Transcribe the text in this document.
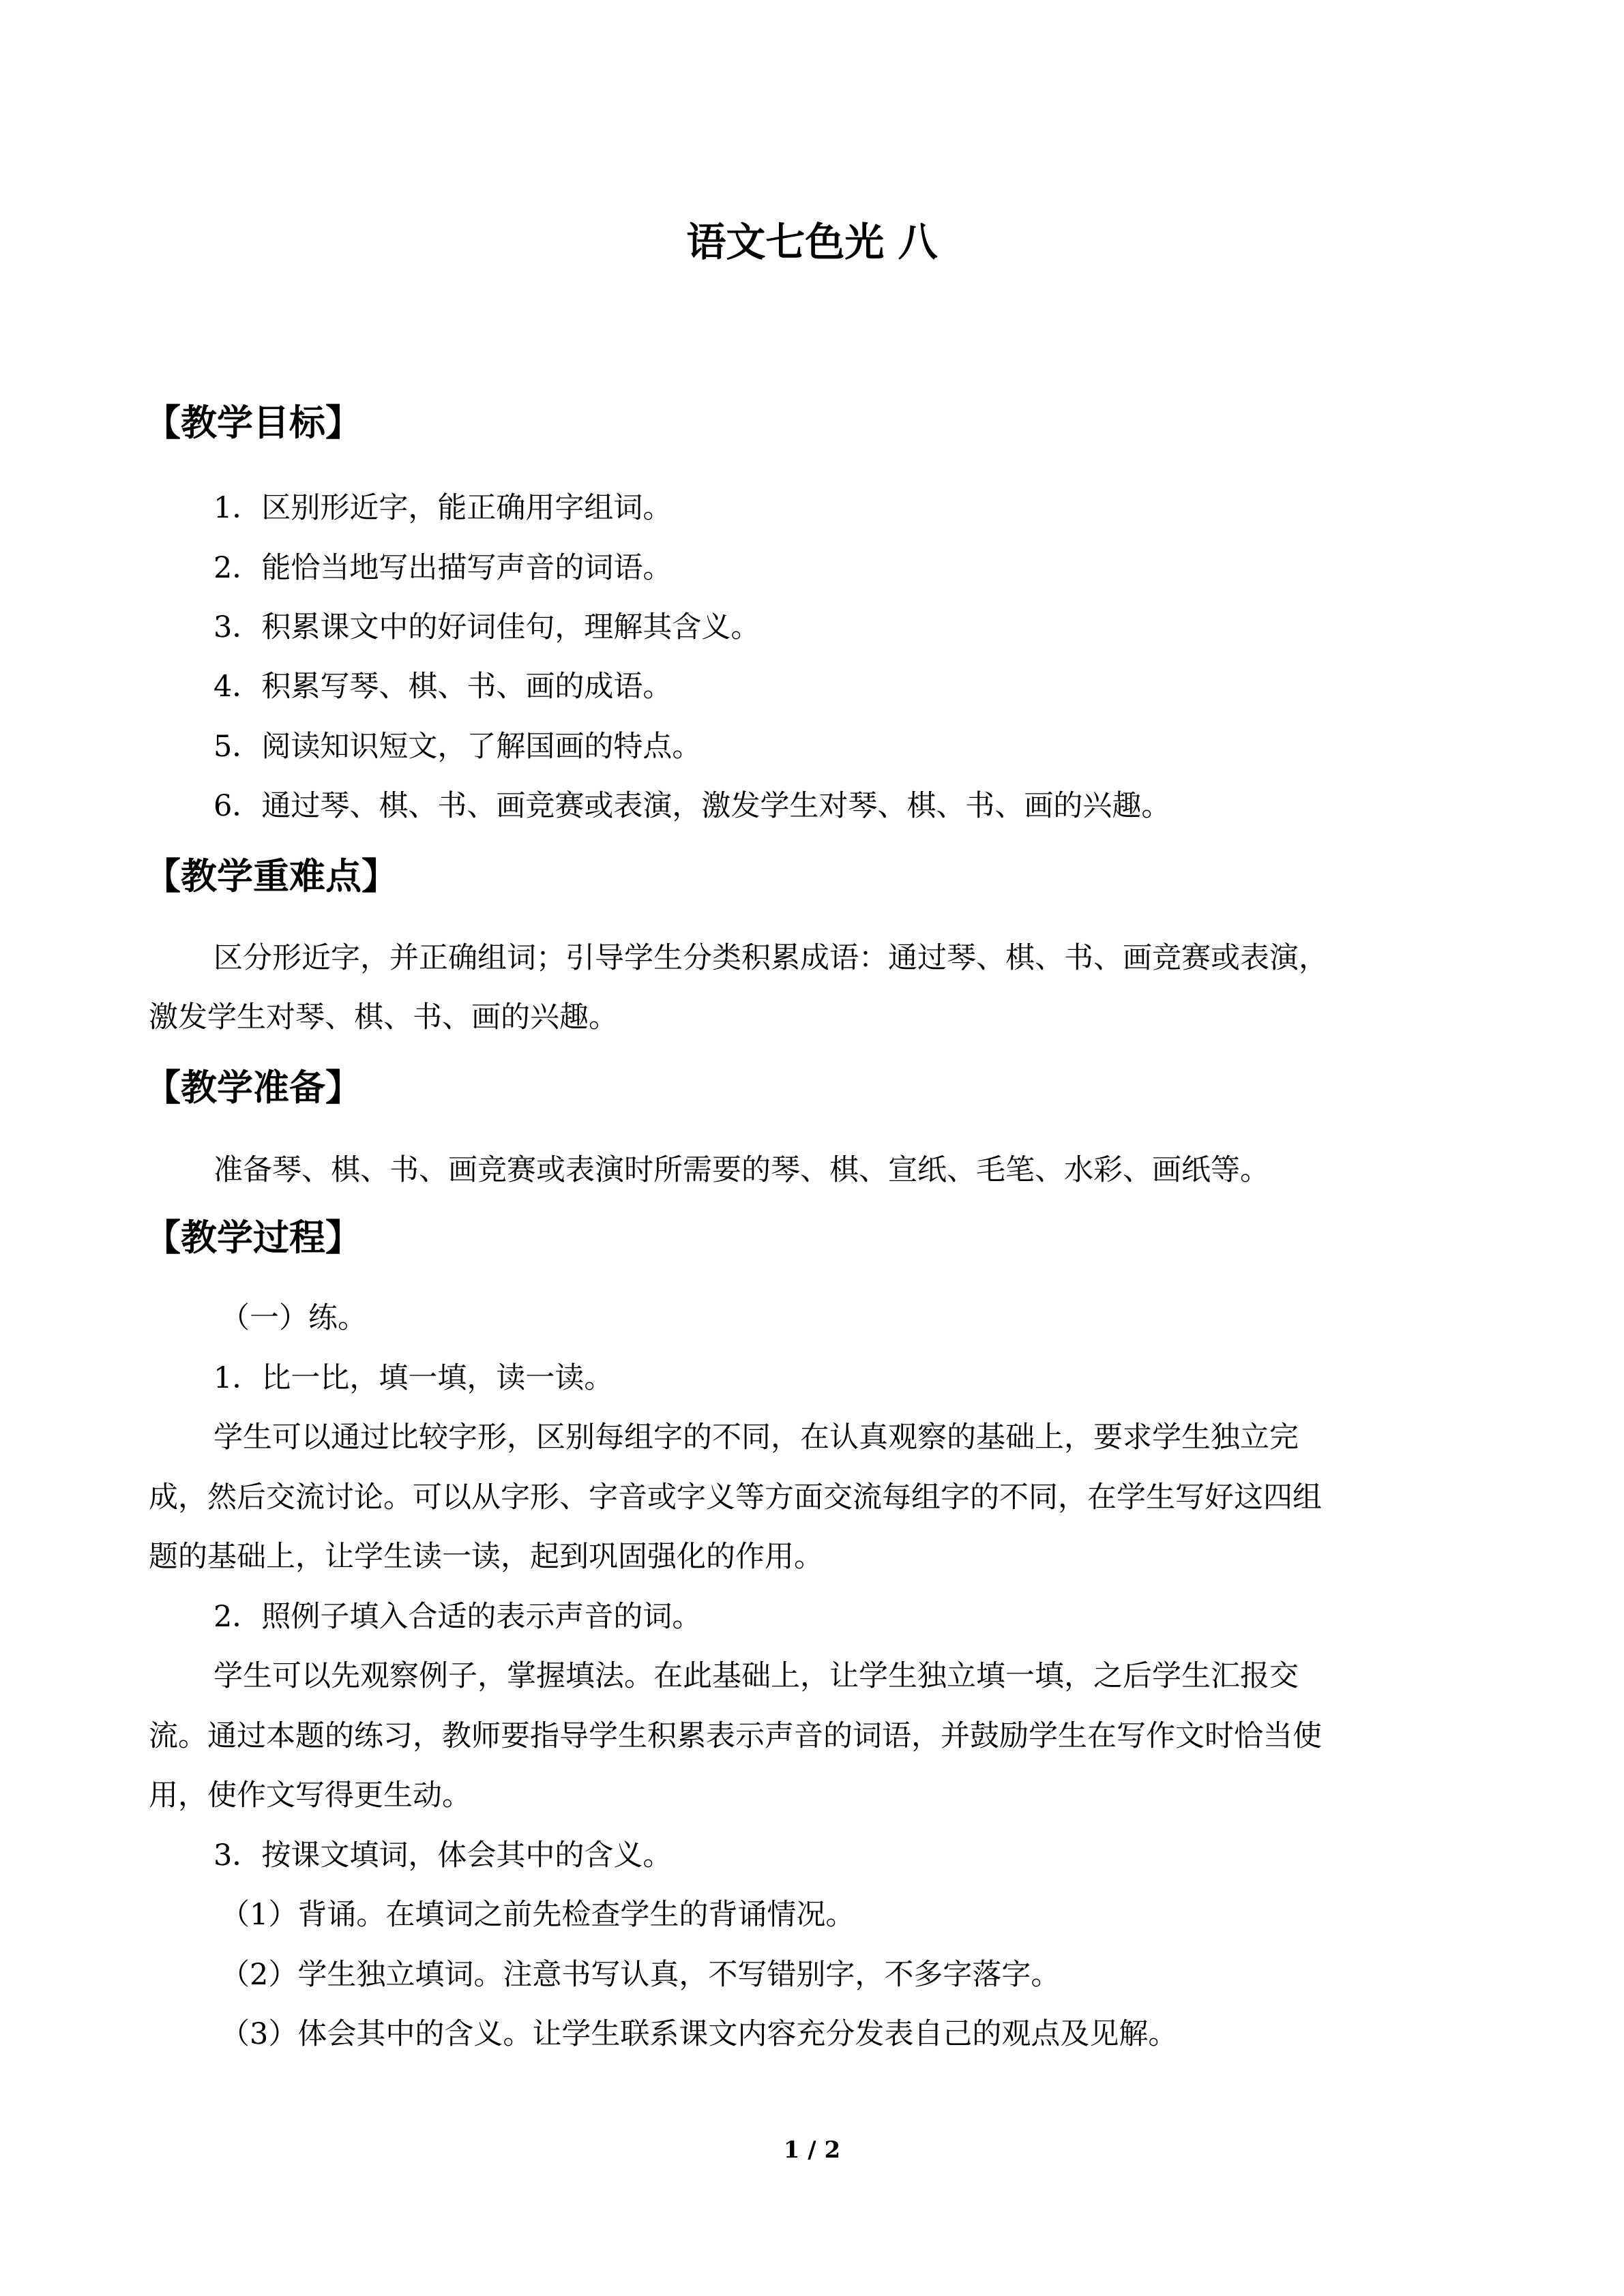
语文七色光 八
【教学目标】
1．区别形近字，能正确用字组词。
2．能恰当地写出描写声音的词语。
3．积累课文中的好词佳句，理解其含义。
4．积累写琴、棋、书、画的成语。
5．阅读知识短文，了解国画的特点。
6．通过琴、棋、书、画竞赛或表演，激发学生对琴、棋、书、画的兴趣。
【教学重难点】
区分形近字，并正确组词；引导学生分类积累成语：通过琴、棋、书、画竞赛或表演，
激发学生对琴、棋、书、画的兴趣。
【教学准备】
准备琴、棋、书、画竞赛或表演时所需要的琴、棋、宣纸、毛笔、水彩、画纸等。
【教学过程】
（一）练。
1．比一比，填一填，读一读。
学生可以通过比较字形，区别每组字的不同，在认真观察的基础上，要求学生独立完
成，然后交流讨论。可以从字形、字音或字义等方面交流每组字的不同，在学生写好这四组
题的基础上，让学生读一读，起到巩固强化的作用。
2．照例子填入合适的表示声音的词。
学生可以先观察例子，掌握填法。在此基础上，让学生独立填一填，之后学生汇报交
流。通过本题的练习，教师要指导学生积累表示声音的词语，并鼓励学生在写作文时恰当使
用，使作文写得更生动。
3．按课文填词，体会其中的含义。
（1）背诵。在填词之前先检查学生的背诵情况。
（2）学生独立填词。注意书写认真，不写错别字，不多字落字。
（3）体会其中的含义。让学生联系课文内容充分发表自己的观点及见解。
1 / 2
